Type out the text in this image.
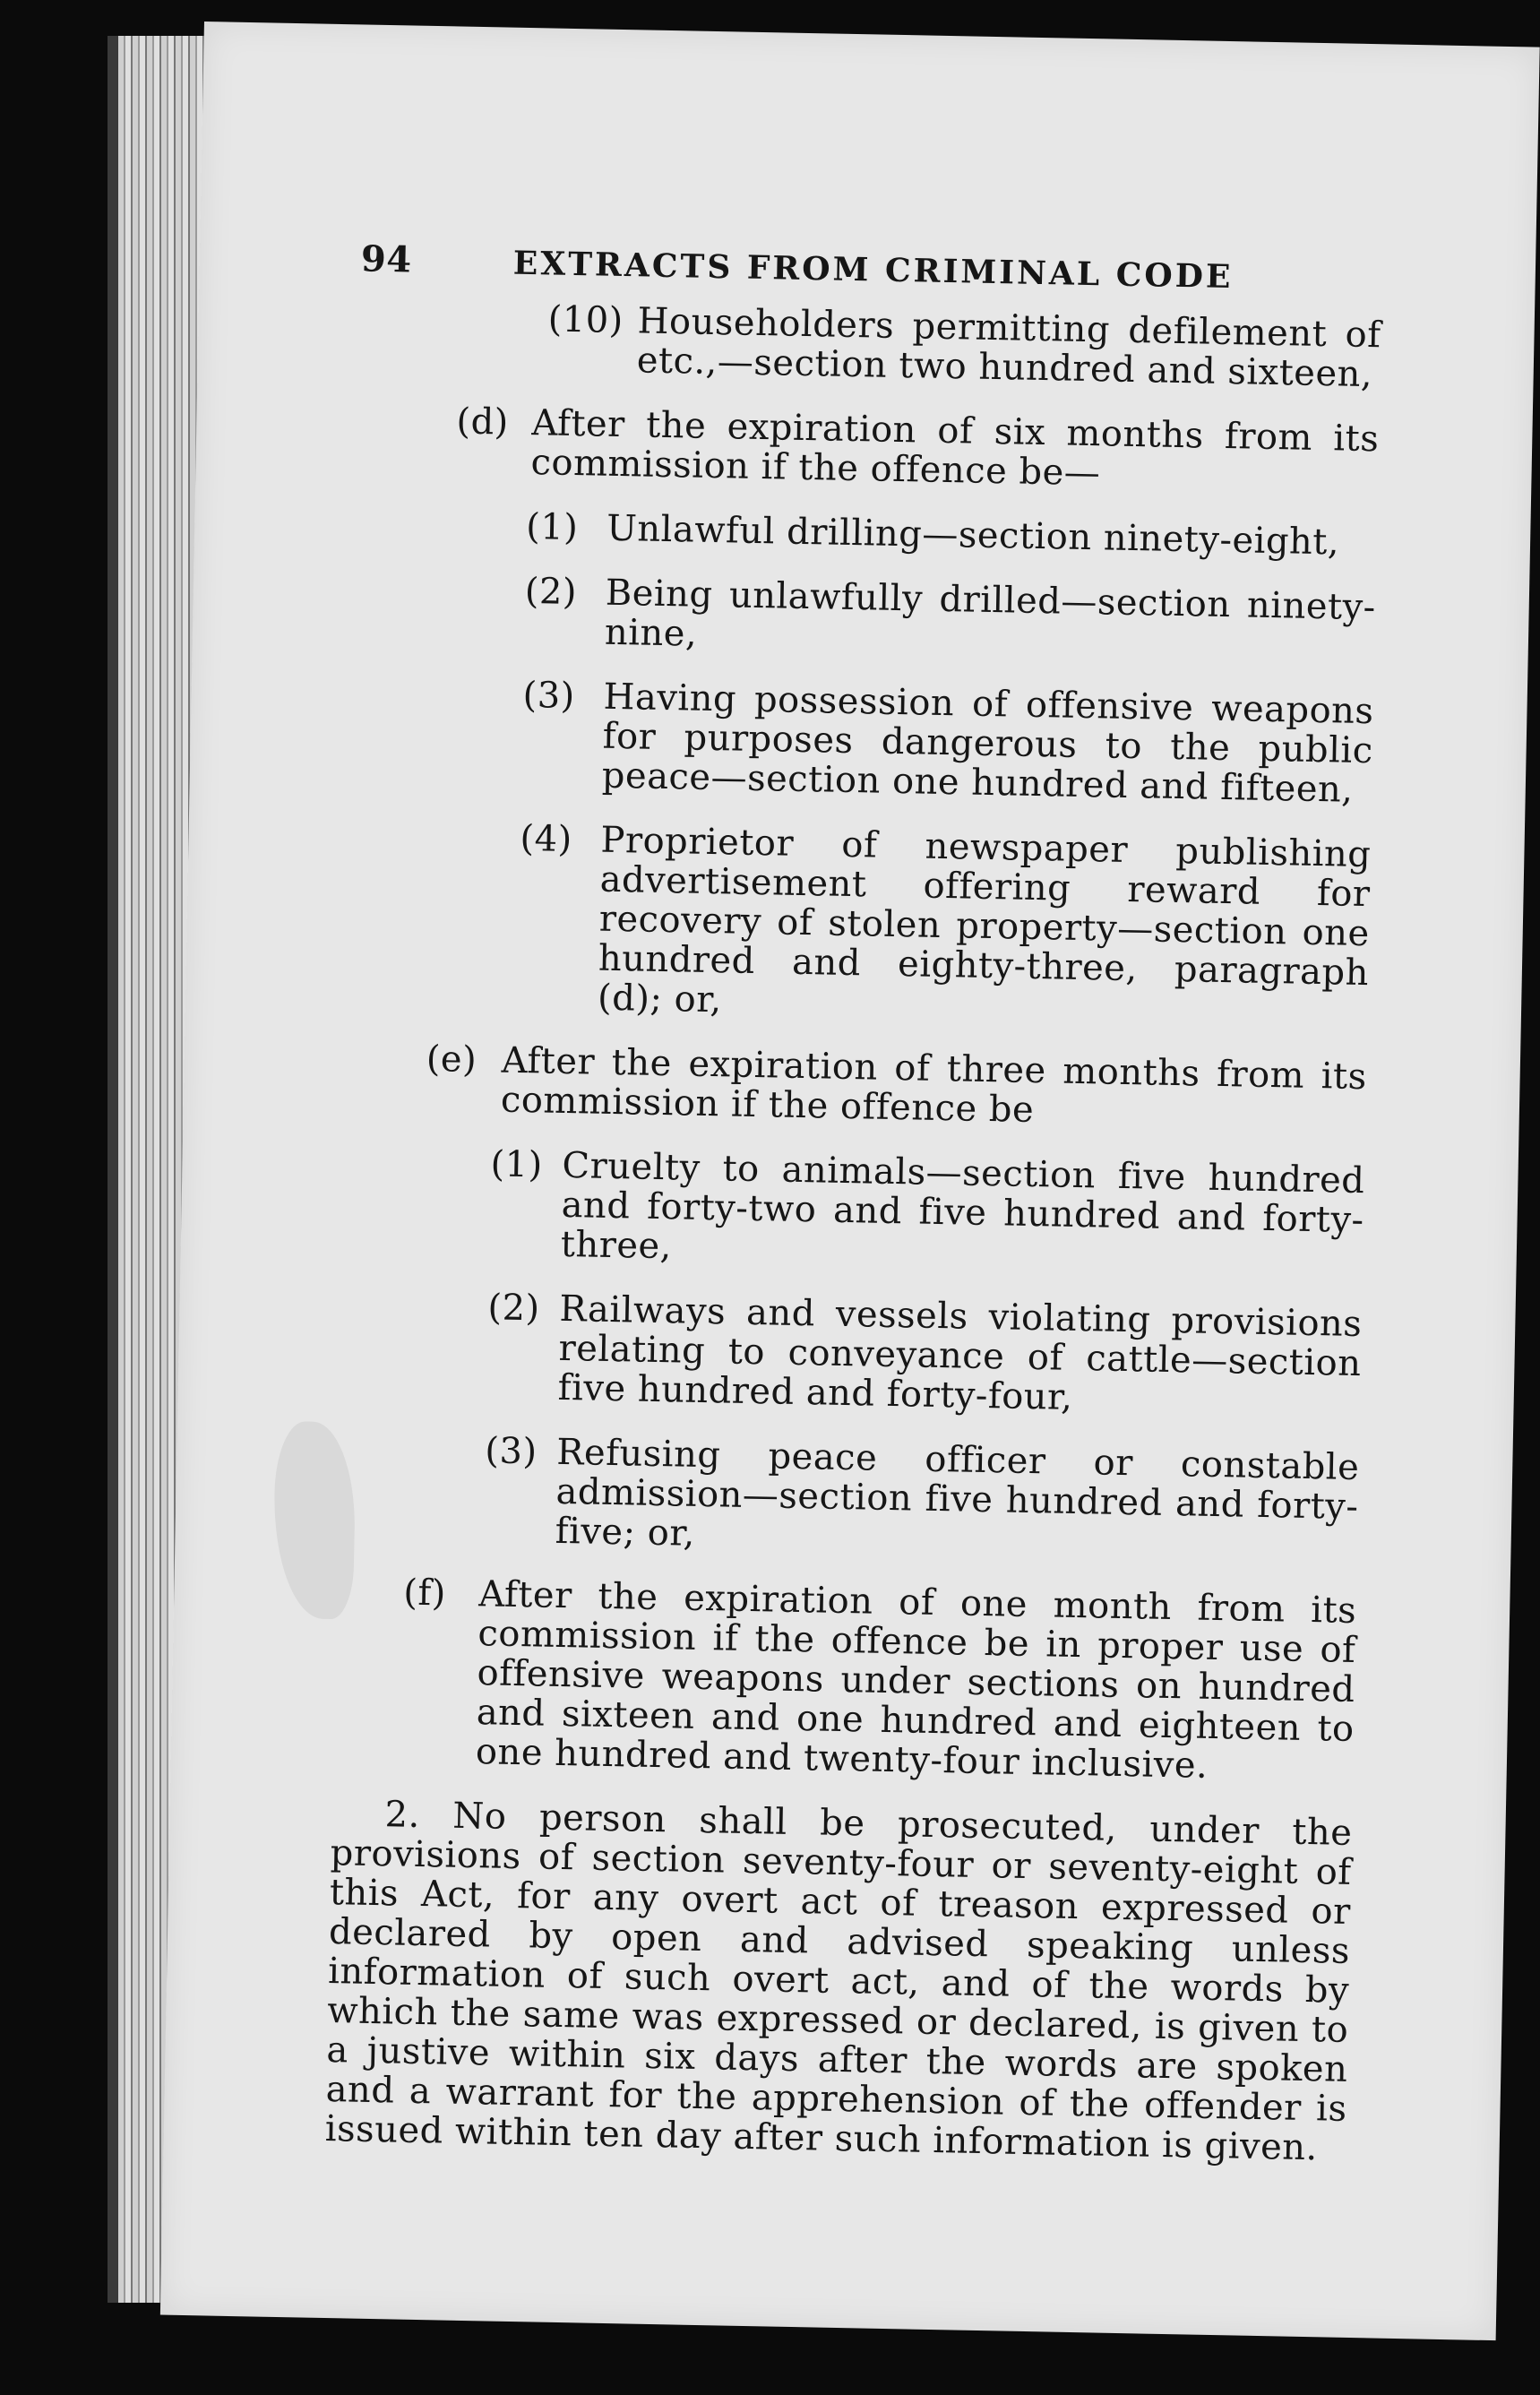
94	EXTRACTS FROM CRIMINAL CODE
(10) Householders permitting defilement of etc.,—section two hundred and sixteen,
(d) After the expiration of six months from its commission if the offence be—
(1) Unlawful drilling—section ninety-eight,
(2) Being unlawfully drilled—section ninety-nine,
(3) Having possession of offensive weapons for purposes dangerous to the public peace—section one hundred and fifteen,
(4) Proprietor of newspaper publishing advertisement offering reward for recovery of stolen property—section one hundred and eighty-three, paragraph (d); or,
(e) After the expiration of three months from its commission if the offence be
(1) Cruelty to animals—section five hundred and forty-two and five hundred and forty-three,
(2) Railways and vessels violating provisions relating to conveyance of cattle—section five hundred and forty-four,
(3) Refusing peace officer or constable admission—section five hundred and forty-five; or,
(f) After the expiration of one month from its commission if the offence be in proper use of offensive weapons under sections on hundred and sixteen and one hundred and eighteen to one hundred and twenty-four inclusive.

2. No person shall be prosecuted, under the provisions of section seventy-four or seventy-eight of this Act, for any overt act of treason expressed or declared by open and advised speaking unless information of such overt act, and of the words by which the same was expressed or declared, is given to a justive within six days after the words are spoken and a warrant for the apprehension of the offender is issued within ten day after such information is given.
